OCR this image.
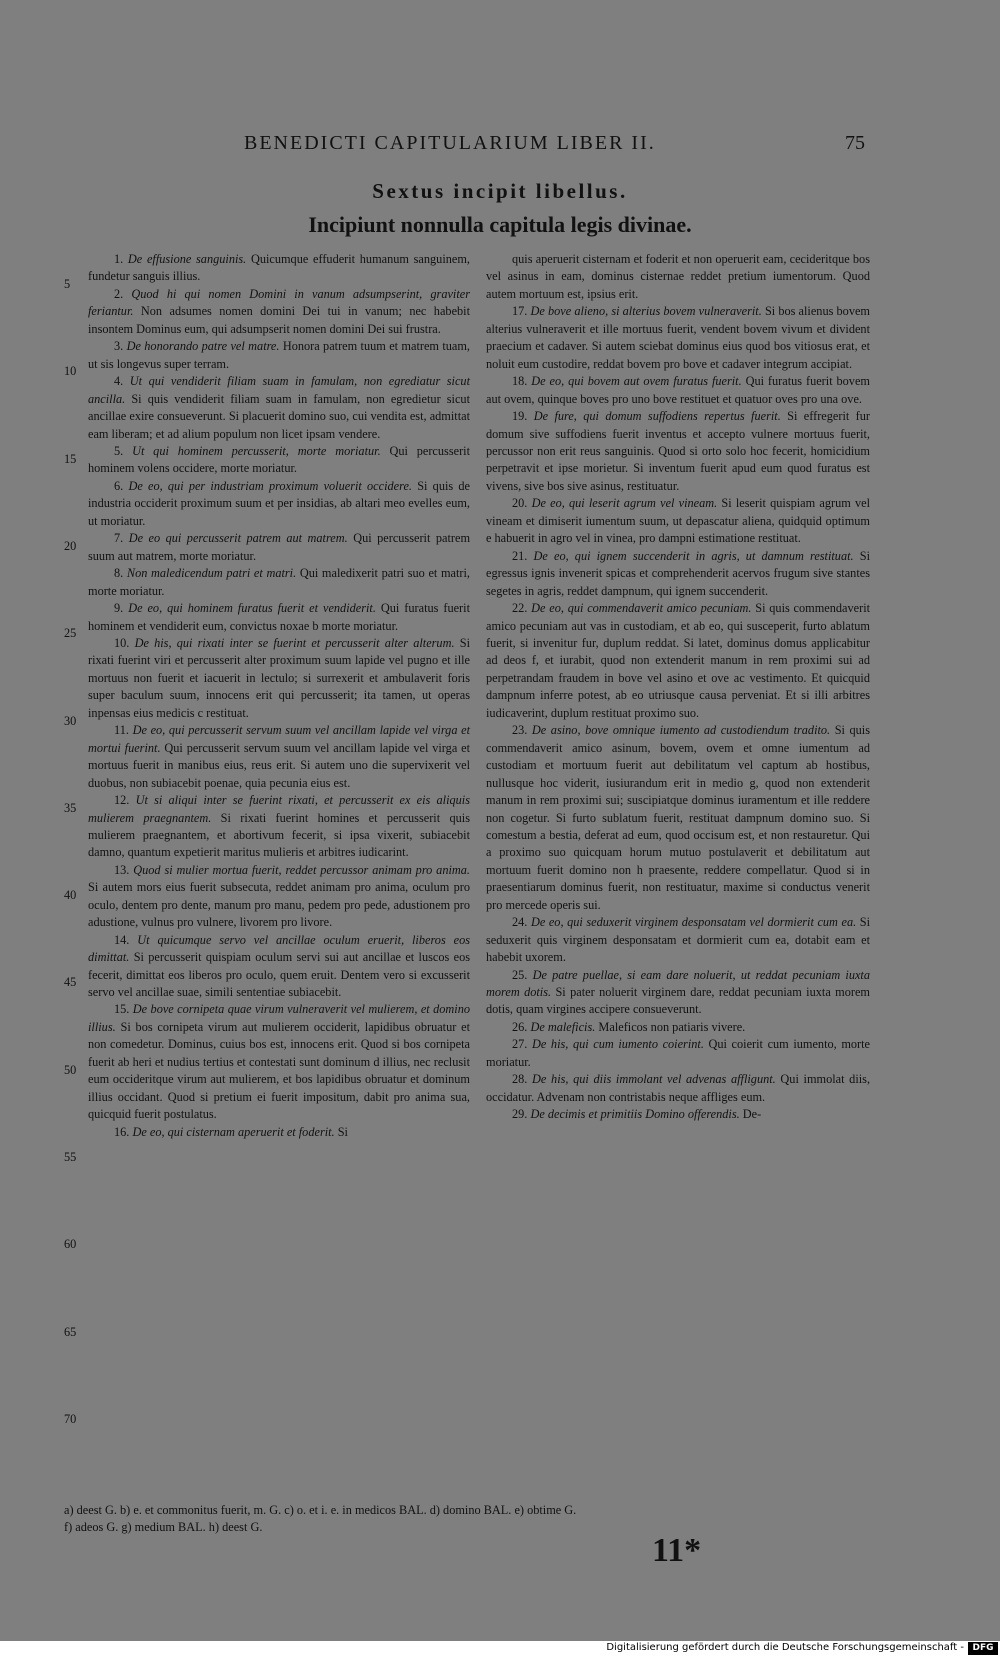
BENEDICTI CAPITULARIUM LIBER II.	75
Sextus incipit libellus.
Incipiunt nonnulla capitula legis divinae.
5
10
15
20
25
30
35
40
45
50
55
60
65
70

1. De effusione sanguinis. Quicumque effuderit humanum sanguinem, fundetur sanguis illius.

2. Quod hi qui nomen Domini in vanum adsumpserint, graviter feriantur. Non adsumes nomen domini Dei tui in vanum; nec habebit insontem Dominus eum, qui adsumpserit nomen domini Dei sui frustra.

3. De honorando patre vel matre. Honora patrem tuum et matrem tuam, ut sis longevus super terram.

4. Ut qui vendiderit filiam suam in famulam, non egrediatur sicut ancilla. Si quis vendiderit filiam suam in famulam, non egredietur sicut ancillae exire consueverunt. Si placuerit domino suo, cui vendita est, admittat eam liberam; et ad alium populum non licet ipsam vendere.

5. Ut qui hominem percusserit, morte moriatur. Qui percusserit hominem volens occidere, morte moriatur.

6. De eo, qui per industriam proximum voluerit occidere. Si quis de industria occiderit proximum suum et per insidias, ab altari meo evelles eum, ut moriatur.

7. De eo qui percusserit patrem aut matrem. Qui percusserit patrem suum aut matrem, morte moriatur.

8. Non maledicendum patri et matri. Qui maledixerit patri suo et matri, morte moriatur.

9. De eo, qui hominem furatus fuerit et vendiderit. Qui furatus fuerit hominem et vendiderit eum, convictus noxae b morte moriatur.

10. De his, qui rixati inter se fuerint et percusserit alter alterum. Si rixati fuerint viri et percusserit alter proximum suum lapide vel pugno et ille mortuus non fuerit et iacuerit in lectulo; si surrexerit et ambulaverit foris super baculum suum, innocens erit qui percusserit; ita tamen, ut operas inpensas eius medicis c restituat.

11. De eo, qui percusserit servum suum vel ancillam lapide vel virga et mortui fuerint. Qui percusserit servum suum vel ancillam lapide vel virga et mortuus fuerit in manibus eius, reus erit. Si autem uno die supervixerit vel duobus, non subiacebit poenae, quia pecunia eius est.

12. Ut si aliqui inter se fuerint rixati, et percusserit ex eis aliquis mulierem praegnantem. Si rixati fuerint homines et percusserit quis mulierem praegnantem, et abortivum fecerit, si ipsa vixerit, subiacebit damno, quantum expetierit maritus mulieris et arbitres iudicarint.

13. Quod si mulier mortua fuerit, reddet percussor animam pro anima. Si autem mors eius fuerit subsecuta, reddet animam pro anima, oculum pro oculo, dentem pro dente, manum pro manu, pedem pro pede, adustionem pro adustione, vulnus pro vulnere, livorem pro livore.

14. Ut quicumque servo vel ancillae oculum eruerit, liberos eos dimittat. Si percusserit quispiam oculum servi sui aut ancillae et luscos eos fecerit, dimittat eos liberos pro oculo, quem eruit. Dentem vero si excusserit servo vel ancillae suae, simili sententiae subiacebit.

15. De bove cornipeta quae virum vulneraverit vel mulierem, et domino illius. Si bos cornipeta virum aut mulierem occiderit, lapidibus obruatur et non comedetur. Dominus, cuius bos est, innocens erit. Quod si bos cornipeta fuerit ab heri et nudius tertius et contestati sunt dominum d illius, nec reclusit eum occideritque virum aut mulierem, et bos lapidibus obruatur et dominum illius occidant. Quod si pretium ei fuerit impositum, dabit pro anima sua, quicquid fuerit postulatus.

16. De eo, qui cisternam aperuerit et foderit. Si

quis aperuerit cisternam et foderit et non operuerit eam, cecideritque bos vel asinus in eam, dominus cisternae reddet pretium iumentorum. Quod autem mortuum est, ipsius erit.

17. De bove alieno, si alterius bovem vulneraverit. Si bos alienus bovem alterius vulneraverit et ille mortuus fuerit, vendent bovem vivum et divident praecium et cadaver. Si autem sciebat dominus eius quod bos vitiosus erat, et noluit eum custodire, reddat bovem pro bove et cadaver integrum accipiat.

18. De eo, qui bovem aut ovem furatus fuerit. Qui furatus fuerit bovem aut ovem, quinque boves pro uno bove restituet et quatuor oves pro una ove.

19. De fure, qui domum suffodiens repertus fuerit. Si effregerit fur domum sive suffodiens fuerit inventus et accepto vulnere mortuus fuerit, percussor non erit reus sanguinis. Quod si orto solo hoc fecerit, homicidium perpetravit et ipse morietur. Si inventum fuerit apud eum quod furatus est vivens, sive bos sive asinus, restituatur.

20. De eo, qui leserit agrum vel vineam. Si leserit quispiam agrum vel vineam et dimiserit iumentum suum, ut depascatur aliena, quidquid optimum e habuerit in agro vel in vinea, pro dampni estimatione restituat.

21. De eo, qui ignem succenderit in agris, ut damnum restituat. Si egressus ignis invenerit spicas et comprehenderit acervos frugum sive stantes segetes in agris, reddet dampnum, qui ignem succenderit.

22. De eo, qui commendaverit amico pecuniam. Si quis commendaverit amico pecuniam aut vas in custodiam, et ab eo, qui susceperit, furto ablatum fuerit, si invenitur fur, duplum reddat. Si latet, dominus domus applicabitur ad deos f, et iurabit, quod non extenderit manum in rem proximi sui ad perpetrandam fraudem in bove vel asino et ove ac vestimento. Et quicquid dampnum inferre potest, ab eo utriusque causa perveniat. Et si illi arbitres iudicaverint, duplum restituat proximo suo.

23. De asino, bove omnique iumento ad custodiendum tradito. Si quis commendaverit amico asinum, bovem, ovem et omne iumentum ad custodiam et mortuum fuerit aut debilitatum vel captum ab hostibus, nullusque hoc viderit, iusiurandum erit in medio g, quod non extenderit manum in rem proximi sui; suscipiatque dominus iuramentum et ille reddere non cogetur. Si furto sublatum fuerit, restituat dampnum domino suo. Si comestum a bestia, deferat ad eum, quod occisum est, et non restauretur. Qui a proximo suo quicquam horum mutuo postulaverit et debilitatum aut mortuum fuerit domino non h praesente, reddere compellatur. Quod si in praesentiarum dominus fuerit, non restituatur, maxime si conductus venerit pro mercede operis sui.

24. De eo, qui seduxerit virginem desponsatam vel dormierit cum ea. Si seduxerit quis virginem desponsatam et dormierit cum ea, dotabit eam et habebit uxorem.

25. De patre puellae, si eam dare noluerit, ut reddat pecuniam iuxta morem dotis. Si pater noluerit virginem dare, reddat pecuniam iuxta morem dotis, quam virgines accipere consueverunt.

26. De maleficis. Maleficos non patiaris vivere.

27. De his, qui cum iumento coierint. Qui coierit cum iumento, morte moriatur.

28. De his, qui diis immolant vel advenas affligunt. Qui immolat diis, occidatur. Advenam non contristabis neque affliges eum.

29. De decimis et primitiis Domino offerendis. De-

a) deest G. b) e. et commonitus fuerit, m. G. c) o. et i. e. in medicos BAL. d) domino BAL. e) obtime G.
f) adeos G. g) medium BAL. h) deest G.
11*
Digitalisierung gefördert durch die Deutsche Forschungsgemeinschaft - DFG
